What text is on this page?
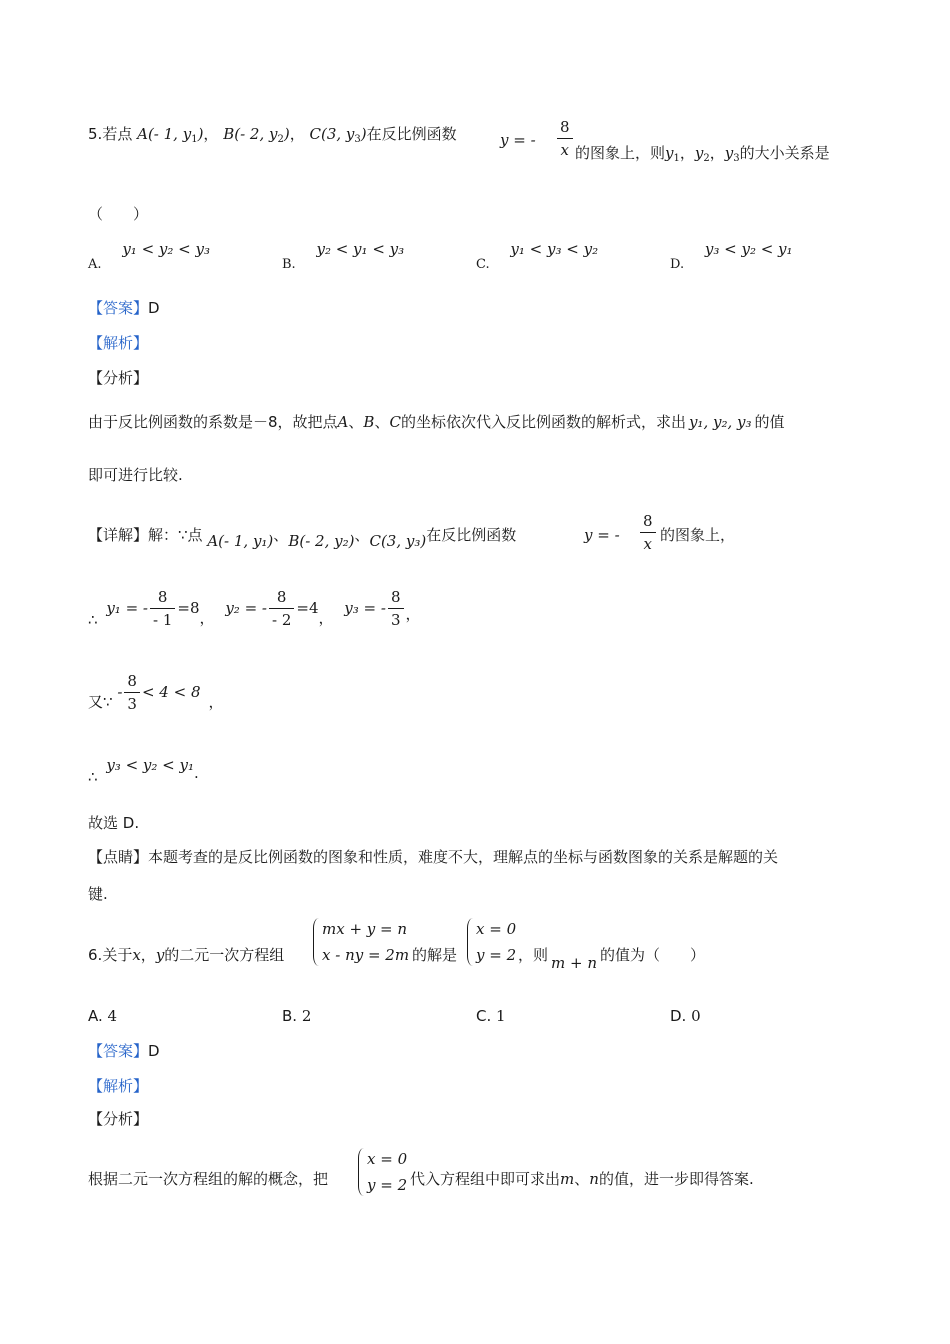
5.若点 A(- 1, $y_1$)， B(- 2, $y_2$)， C(3, $y_3$)在反比例函数	y = - $\frac{8}{x}$ 的图象上，则$y_1$，$y_2$，$y_3$的大小关系是
（　　）
A. y₁ < y₂ < y₃
B. y₂ < y₁ < y₃
C. y₁ < y₃ < y₂
D. y₃ < y₂ < y₁
【答案】D
【解析】
【分析】
由于反比例函数的系数是－8，故把点A、B、C的坐标依次代入反比例函数的解析式，求出 y₁, y₂, y₃ 的值
即可进行比较.
【详解】解：∵点 A(- 1, y₁)、B(- 2, y₂)、C(3, y₃)在反比例函数	y = - $\frac{8}{x}$ 的图象上，
∴ y₁ = - $\frac{8}{- 1} =8$， y₂ = - $\frac{8}{- 2} =4$， y₃ = - $\frac{8}{3}$ ，
又∵ - $\frac{8}{3} < 4 < 8$，
∴ y₃ < y₂ < y₁.
故选 D.
【点睛】本题考查的是反比例函数的图象和性质，难度不大，理解点的坐标与函数图象的关系是解题的关
键.
6.关于x，y的二元一次方程组
mx + y = n
x - ny = 2m 的解是
x = 0
y = 2 ，则 m + n 的值为（　　）
A. 4	B. 2	C. 1	D. 0
【答案】D
【解析】
【分析】
根据二元一次方程组的解的概念，把
x = 0
y = 2 代入方程组中即可求出m、n的值，进一步即得答案.
